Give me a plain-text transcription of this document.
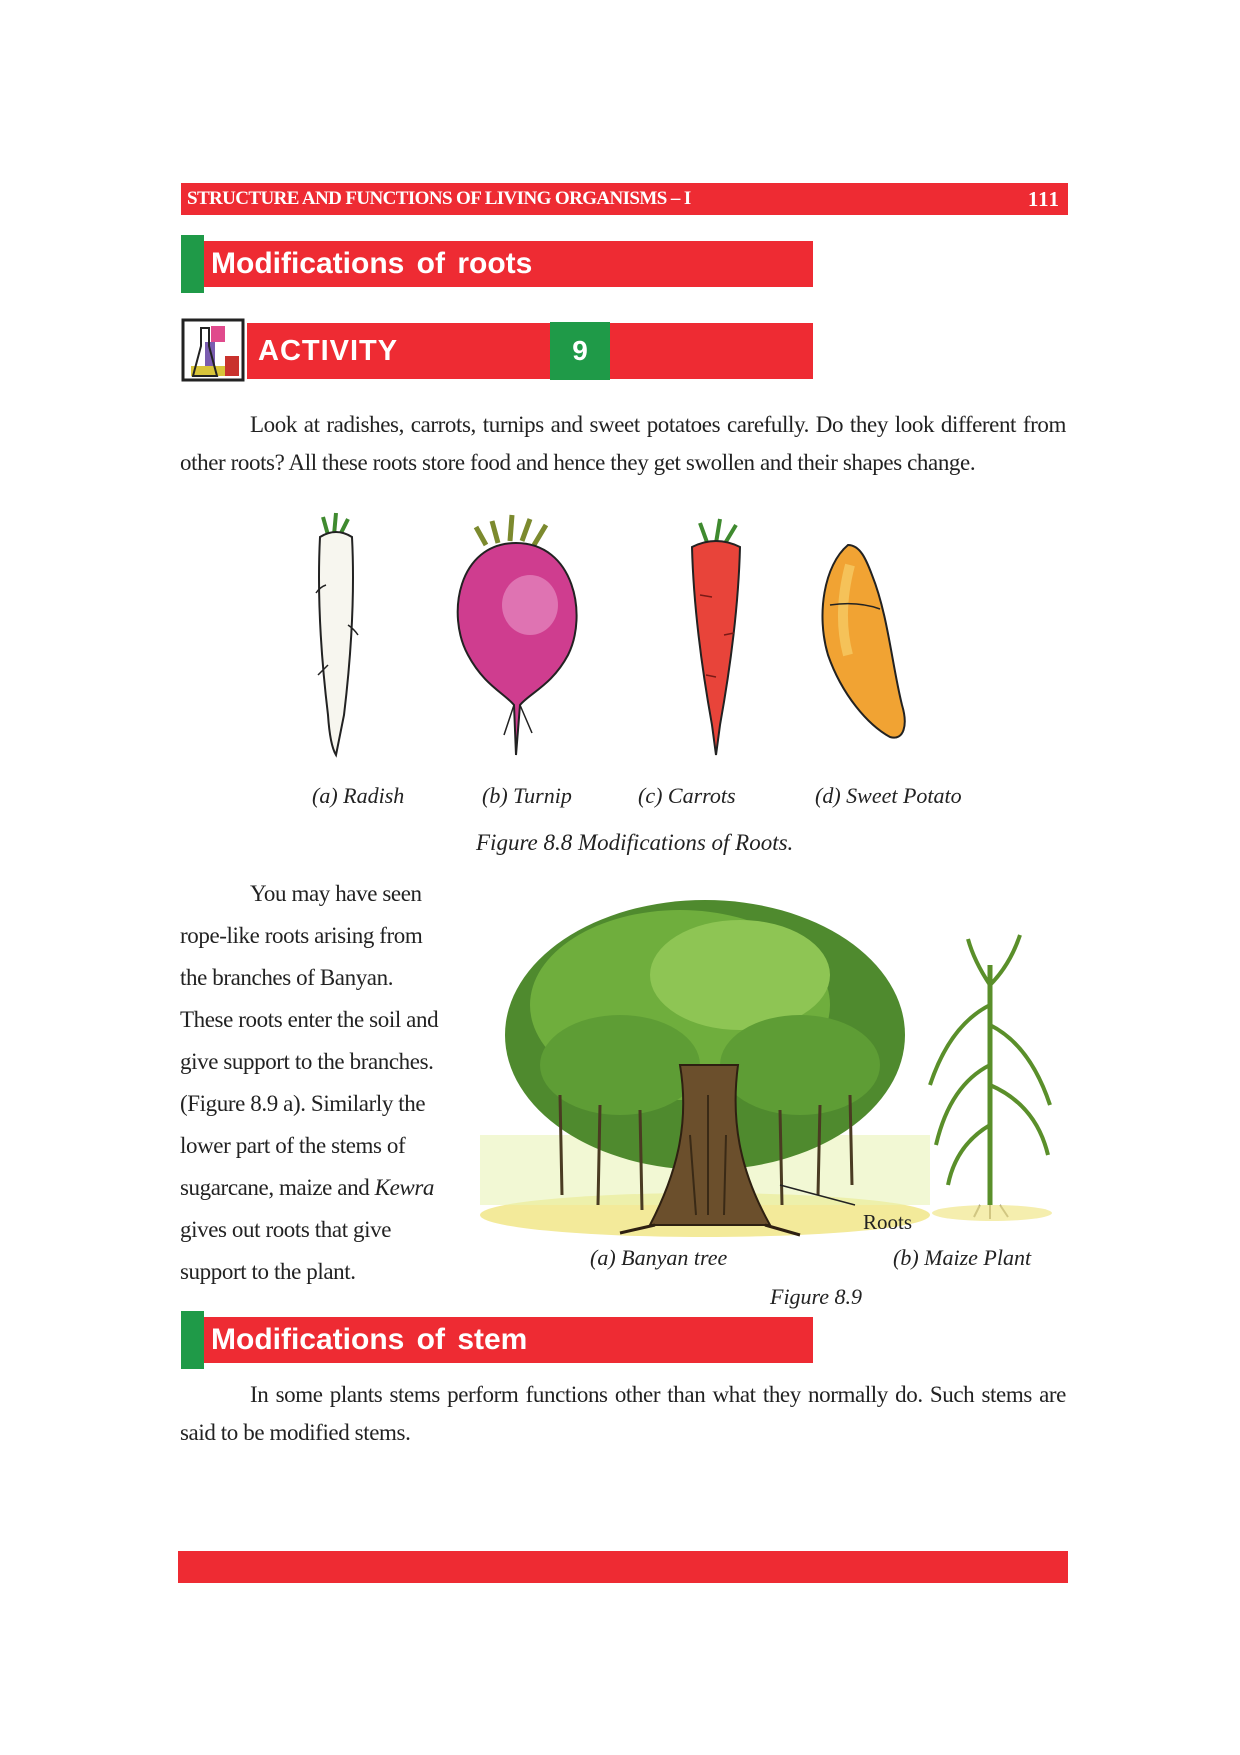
STRUCTURE AND FUNCTIONS OF LIVING ORGANISMS – I	111
Modifications of roots
ACTIVITY	9
Look at radishes, carrots, turnips and sweet potatoes carefully. Do they look different from other roots? All these roots store food and hence they get swollen and their shapes change.
(a) Radish	(b) Turnip	(c) Carrots	(d) Sweet Potato
Figure 8.8 Modifications of Roots.
You may have seen
rope-like roots arising from
the branches of Banyan.
These roots enter the soil and
give support to the branches.
(Figure 8.9 a). Similarly the
lower part of the stems of
sugarcane, maize and Kewra
gives out roots that give
support to the plant.
Roots
(a) Banyan tree	(b) Maize Plant
Figure 8.9
Modifications of stem
In some plants stems perform functions other than what they normally do. Such stems are said to be modified stems.
